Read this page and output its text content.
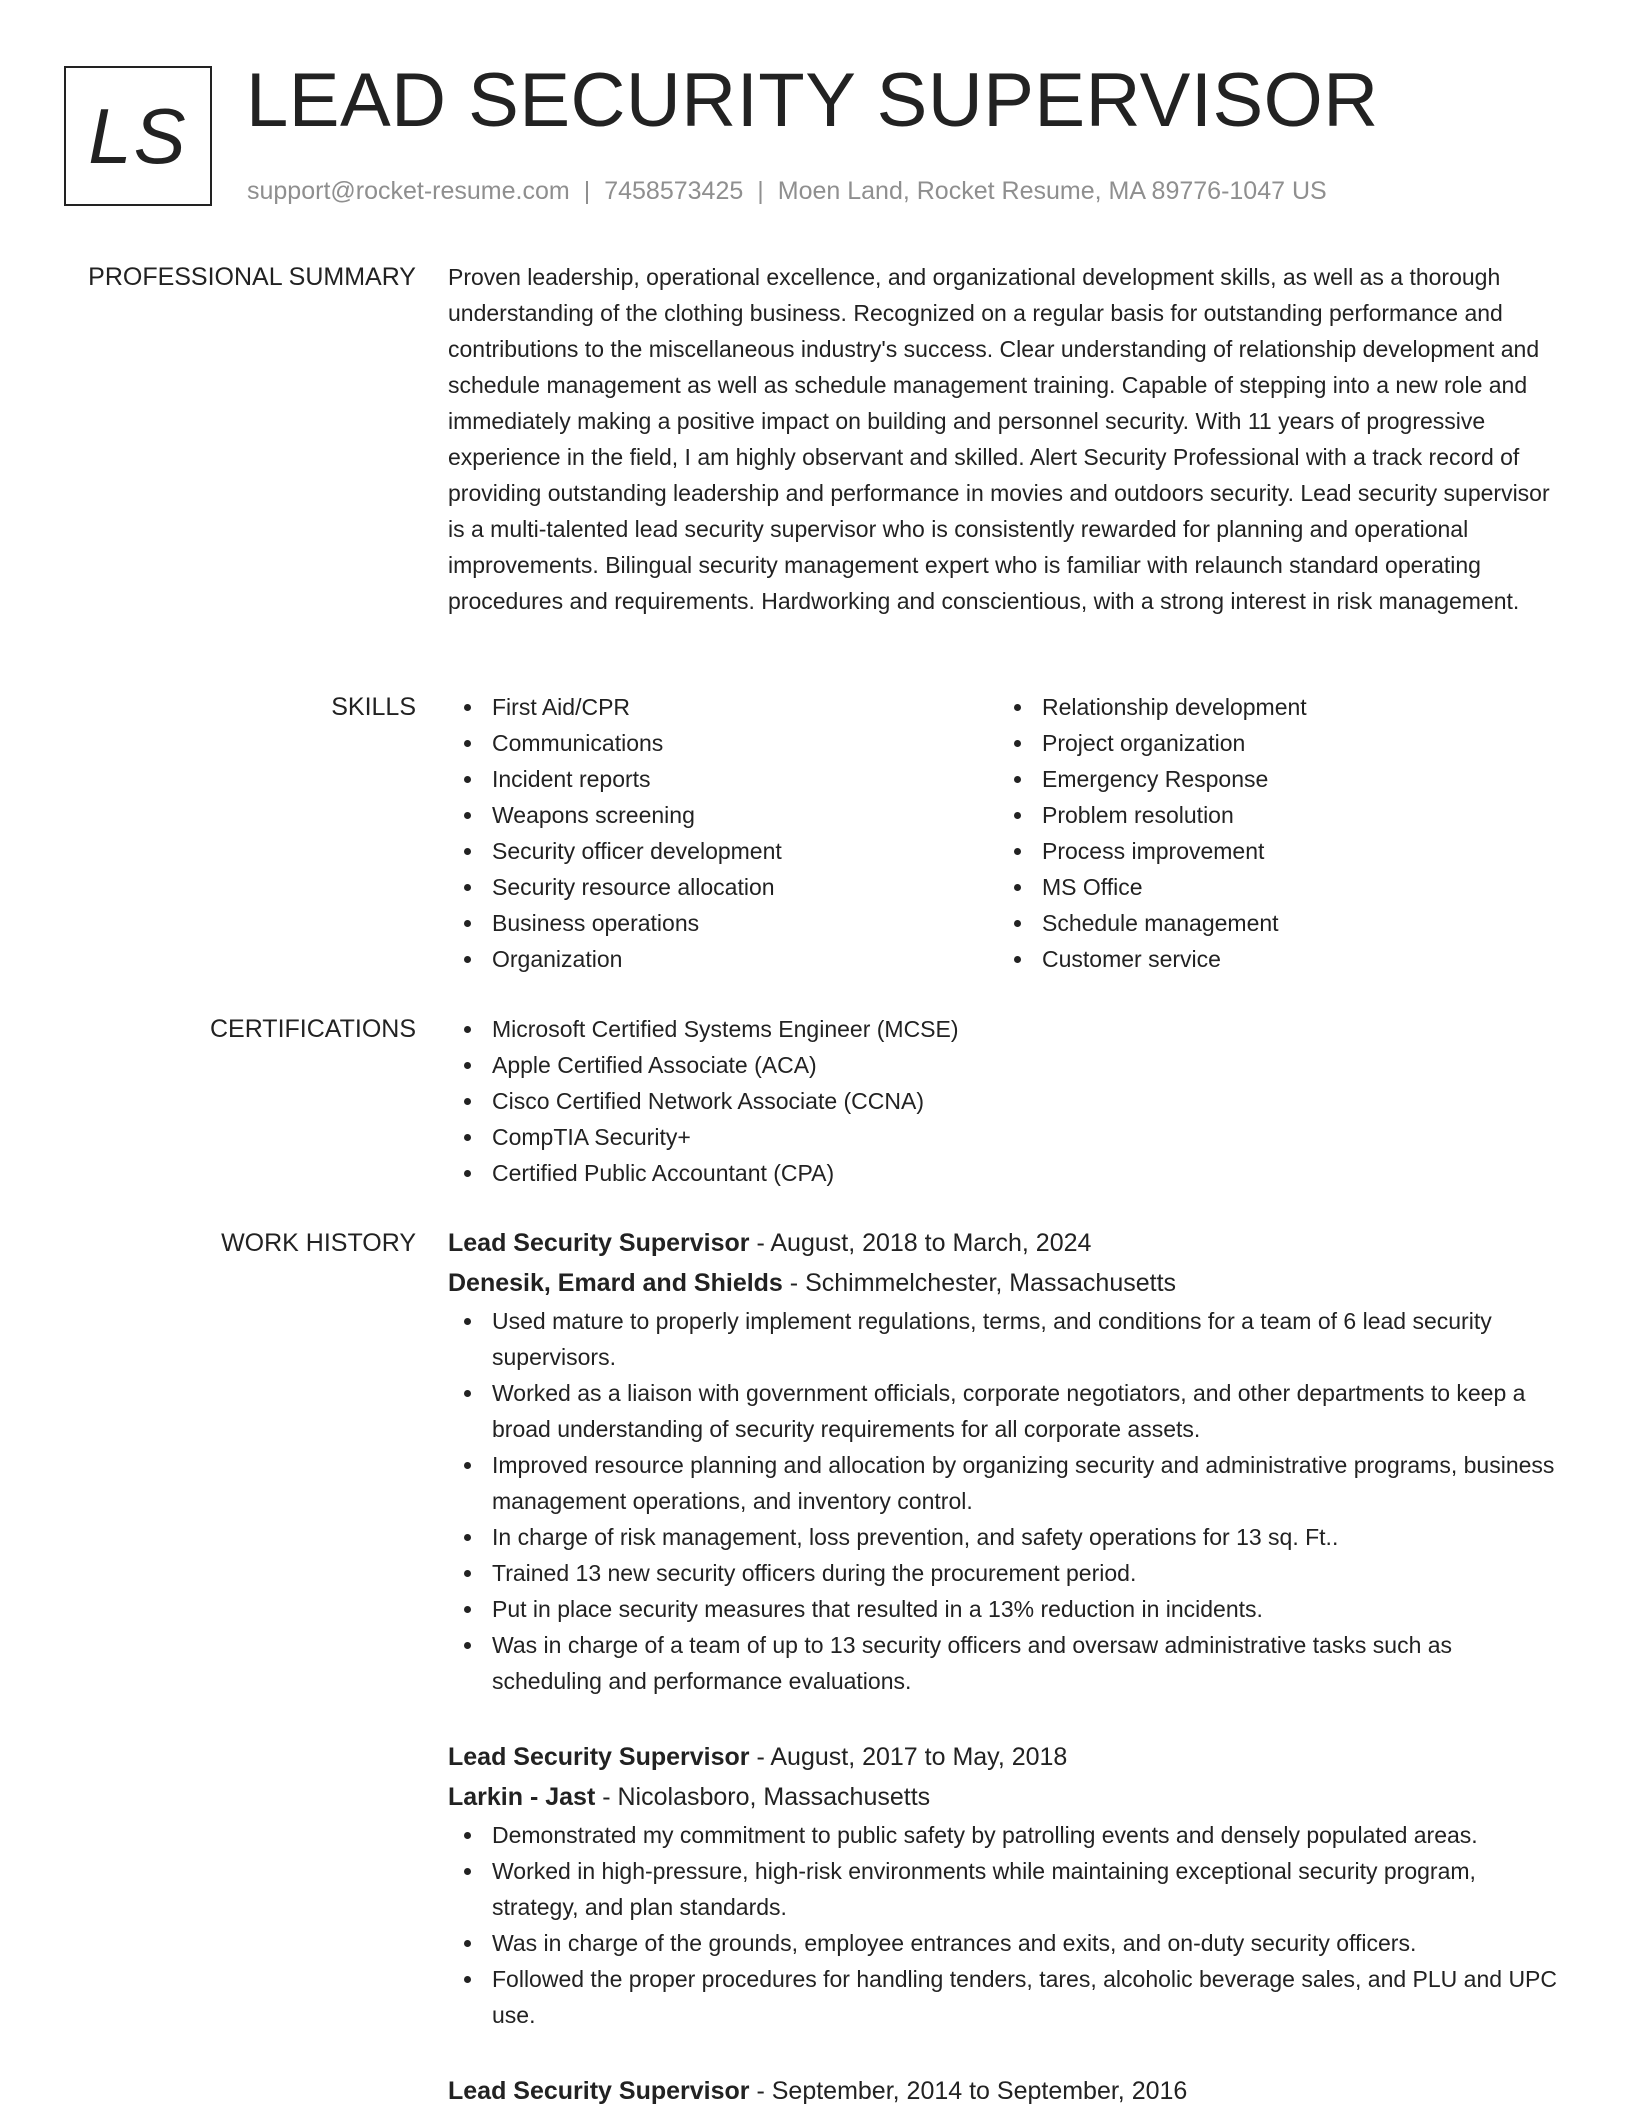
LS LEAD SECURITY SUPERVISOR
support@rocket-resume.com | 7458573425 | Moen Land, Rocket Resume, MA 89776-1047 US
PROFESSIONAL SUMMARY Proven leadership, operational excellence, and organizational development skills, as well as a thorough understanding of the clothing business. Recognized on a regular basis for outstanding performance and contributions to the miscellaneous industry's success. Clear understanding of relationship development and schedule management as well as schedule management training. Capable of stepping into a new role and immediately making a positive impact on building and personnel security. With 11 years of progressive experience in the field, I am highly observant and skilled. Alert Security Professional with a track record of providing outstanding leadership and performance in movies and outdoors security. Lead security supervisor is a multi-talented lead security supervisor who is consistently rewarded for planning and operational improvements. Bilingual security management expert who is familiar with relaunch standard operating procedures and requirements. Hardworking and conscientious, with a strong interest in risk management.

SKILLS	First Aid/CPR
Communications
Incident reports
Weapons screening
Security officer development
Security resource allocation
Business operations
Organization
Relationship development
Project organization
Emergency Response
Problem resolution
Process improvement
MS Office
Schedule management
Customer service
CERTIFICATIONS	Microsoft Certified Systems Engineer (MCSE)
Apple Certified Associate (ACA)
Cisco Certified Network Associate (CCNA)
CompTIA Security+
Certified Public Accountant (CPA)
WORK HISTORY Lead Security Supervisor - August, 2018 to March, 2024
Denesik, Emard and Shields - Schimmelchester, Massachusetts
Used mature to properly implement regulations, terms, and conditions for a team of 6 lead security supervisors.
Worked as a liaison with government officials, corporate negotiators, and other departments to keep a broad understanding of security requirements for all corporate assets.
Improved resource planning and allocation by organizing security and administrative programs, business management operations, and inventory control.
In charge of risk management, loss prevention, and safety operations for 13 sq. Ft..
Trained 13 new security officers during the procurement period.
Put in place security measures that resulted in a 13% reduction in incidents.
Was in charge of a team of up to 13 security officers and oversaw administrative tasks such as scheduling and performance evaluations.
Lead Security Supervisor - August, 2017 to May, 2018
Larkin - Jast - Nicolasboro, Massachusetts
Demonstrated my commitment to public safety by patrolling events and densely populated areas.
Worked in high-pressure, high-risk environments while maintaining exceptional security program, strategy, and plan standards.
Was in charge of the grounds, employee entrances and exits, and on-duty security officers.
Followed the proper procedures for handling tenders, tares, alcoholic beverage sales, and PLU and UPC use.
Lead Security Supervisor - September, 2014 to September, 2016
